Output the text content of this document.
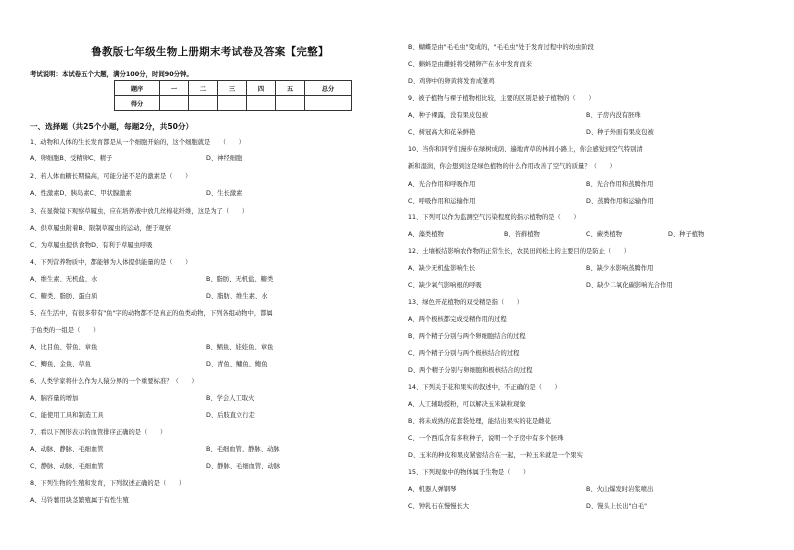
鲁教版七年级生物上册期末考试卷及答案【完整】
考试说明：本试卷五个大题，满分100分，时间90分钟。
题序	一	二	三	四	五	总分
得分						
一、选择题（共25个小题，每题2分，共50分）
1、动物和人体的生长发育都是从一个细胞开始的，这个细胞就是　　（　　）
A、卵细胞B、受精卵C、精子	D、神经细胞
2、若人体血糖长期偏高，可能分泌不足的激素是（　　）
A、性激素D、胰岛素C、甲状腺激素	D、生长激素
3、在显微镜下观察草履虫，应在培养液中放几丝棉花纤维，这是为了（　　）
A、供草履虫附着B、限制草履虫的运动，便于观察
C、为草履虫提供食物D、有利于草履虫呼吸
4、下列营养物质中，都能够为人体提供能量的是（　　）
A、维生素、无机盐、水	B、脂肪、无机盐、糖类
C、糖类、脂肪、蛋白质	D、脂肪、维生素、水
5、在生活中，有很多带有"鱼"字的动物都不是真正的鱼类动物，下列各组动物中，都属
于鱼类的一组是（　　）
A、比目鱼、带鱼、章鱼	B、鲳鱼、娃娃鱼、章鱼
C、鲫鱼、金鱼、草鱼	D、青鱼、鳙鱼、鲍鱼
6、人类学家将什么作为人猿分界的一个重要标准？（　　）
A、脑容量的增加	B、学会人工取火
C、能使用工具和制造工具	D、后肢直立行走
7、看以下图形表示的血管排序正确的是（　　）
A、动脉、静脉、毛细血管	B、毛细血管、静脉、动脉
C、静脉、动脉、毛细血管	D、静脉、毛细血管、动脉
8、下列生物的生殖和发育，下列叙述正确的是（　　）
A、马铃薯用块茎繁殖属于有性生殖
B、蝴蝶是由"毛毛虫"变成的，"毛毛虫"处于发育过程中的幼虫阶段
C、蝌蚪是由雌蛙将受精卵产在水中发育而来
D、鸡卵中的卵黄将发育成雏鸡
9、被子植物与裸子植物相比较，主要的区别是被子植物的（　　）
A、种子裸露，没有果皮包被	B、子房内没有胚珠
C、树冠高大和花朵鲜艳	D、种子外面有果皮包被
10、当你和同学们漫步在绿树成荫、遍地青草的林间小路上，你会感觉到空气特别清
新和湿润，你会想到这是绿色植物的什么作用改善了空气的质量？（　　）
A、光合作用和呼吸作用	B、光合作用和蒸腾作用
C、呼吸作用和运输作用	D、蒸腾作用和运输作用
11、下列可以作为监测空气污染程度的指示植物的是（　　）
A、藻类植物	B、苔藓植物	C、蕨类植物	D、种子植物
12、土壤板结影响农作物的正常生长，农民田间松土的主要目的是防止（　　）
A、缺少无机盐影响生长	B、缺少水影响蒸腾作用
C、缺少氧气影响根的呼吸	D、缺少二氧化碳影响光合作用
13、绿色开花植物的双受精是指（　　）
A、两个极核都完成受精作用的过程
B、两个精子分别与两个卵细胞结合的过程
C、两个精子分别与两个极核结合的过程
D、两个精子分别与卵细胞和极核结合的过程
14、下列关于花和果实的叙述中，不正确的是（　　）
A、人工辅助授粉，可以解决玉米缺粒现象
B、将未成熟的花套袋处理，能结出果实的花是雌花
C、一个西瓜含有多粒种子，说明一个子房中有多个胚珠
D、玉米的种皮和果皮紧密结合在一起，一粒玉米就是一个果实
15、下列现象中的物体属于生物是（　　）
A、机器人弹钢琴	B、火山爆发时岩浆喷出
C、钟乳石在慢慢长大	D、馒头上长出"白毛"
